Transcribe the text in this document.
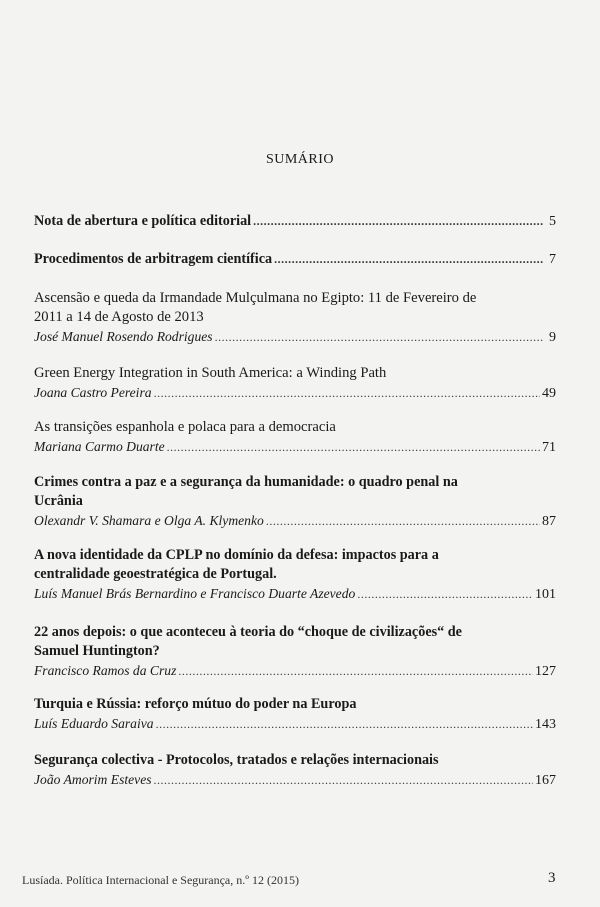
SUMÁRIO
Nota de abertura e política editorial .....	5
Procedimentos de arbitragem científica .....	7
Ascensão e queda da Irmandade Mulçulmana no Egipto: 11 de Fevereiro de
2011 a 14 de Agosto de 2013
José Manuel Rosendo Rodrigues .....	9
Green Energy Integration in South America: a Winding Path
Joana Castro Pereira .....	49
As transições espanhola e polaca para a democracia
Mariana Carmo Duarte .....	71
Crimes contra a paz e a segurança da humanidade: o quadro penal na
Ucrânia
Olexandr V. Shamara e Olga A. Klymenko .....	87
A nova identidade da CPLP no domínio da defesa: impactos para a
centralidade geoestratégica de Portugal.
Luís Manuel Brás Bernardino e Francisco Duarte Azevedo .....	101
22 anos depois: o que aconteceu à teoria do “choque de civilizações“ de
Samuel Huntington?
Francisco Ramos da Cruz .....	127
Turquia e Rússia: reforço mútuo do poder na Europa
Luís Eduardo Saraiva .....	143
Segurança colectiva - Protocolos, tratados e relações internacionais
João Amorim Esteves .....	167
Lusíada. Política Internacional e Segurança, n.º 12 (2015)	3
